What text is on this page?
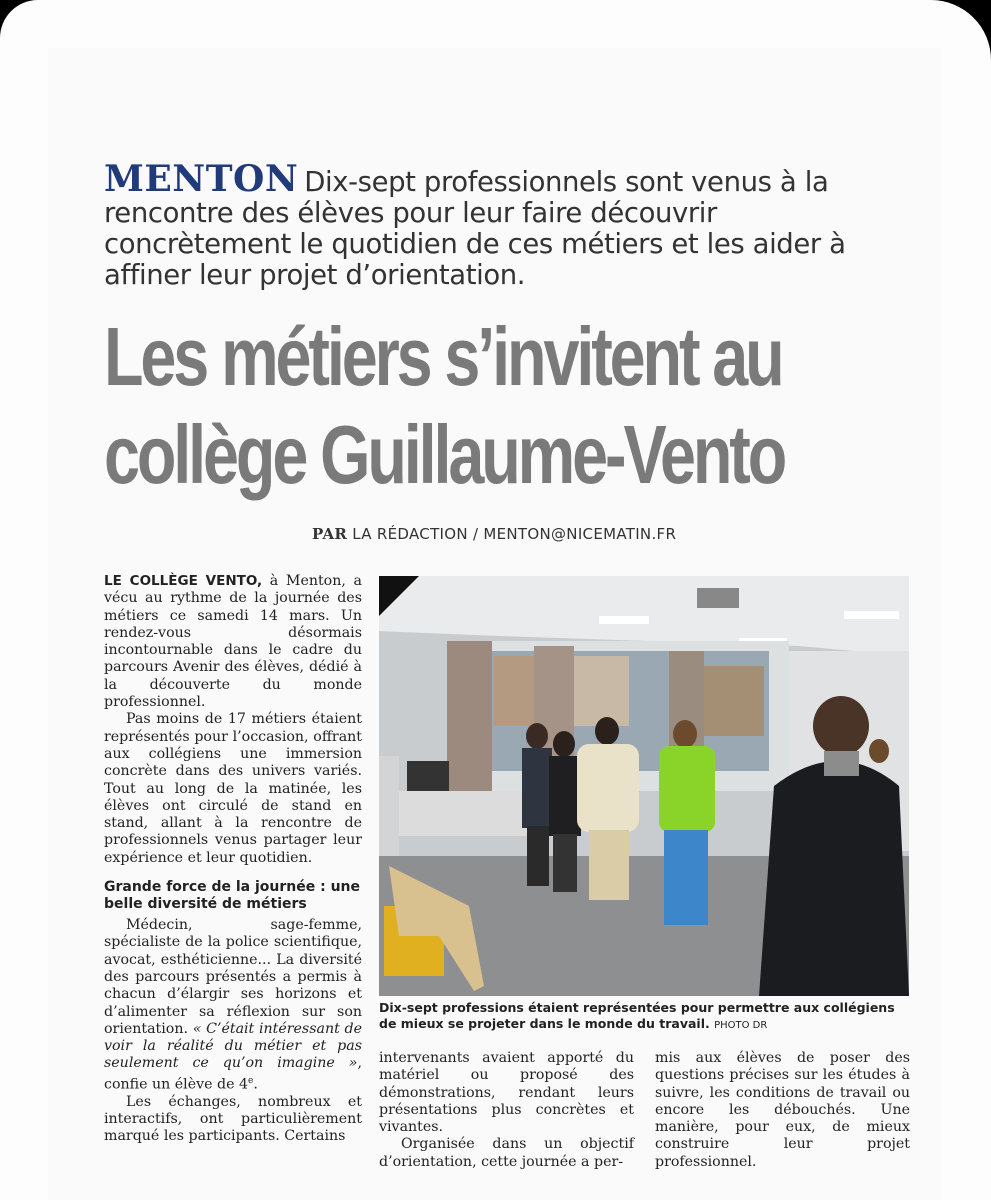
MENTON Dix-sept professionnels sont venus à la rencontre des élèves pour leur faire découvrir concrètement le quotidien de ces métiers et les aider à affiner leur projet d’orientation.
Les métiers s’invitent au
collège Guillaume-Vento
PAR LA RÉDACTION / MENTON@NICEMATIN.FR

LE COLLÈGE VENTO, à Menton, a vécu au rythme de la journée des métiers ce samedi 14 mars. Un rendez-vous désormais incontournable dans le cadre du parcours Avenir des élèves, dédié à la découverte du monde professionnel.

Pas moins de 17 métiers étaient représentés pour l’occasion, offrant aux collégiens une immersion concrète dans des univers variés. Tout au long de la matinée, les élèves ont circulé de stand en stand, allant à la rencontre de professionnels venus partager leur expérience et leur quotidien.

Grande force de la journée : une belle diversité de métiers

Médecin, sage-femme, spécialiste de la police scientifique, avocat, esthéticienne... La diversité des parcours présentés a permis à chacun d’élargir ses horizons et d’alimenter sa réflexion sur son orientation. « C’était intéressant de voir la réalité du métier et pas seulement ce qu’on imagine », confie un élève de 4e.

Les échanges, nombreux et interactifs, ont particulièrement marqué les participants. Certains

Dix-sept professions étaient représentées pour permettre aux collégiens de mieux se projeter dans le monde du travail. PHOTO DR

intervenants avaient apporté du matériel ou proposé des démonstrations, rendant leurs présentations plus concrètes et vivantes.

Organisée dans un objectif d’orientation, cette journée a per-

mis aux élèves de poser des questions précises sur les études à suivre, les conditions de travail ou encore les débouchés. Une manière, pour eux, de mieux construire leur projet professionnel.
